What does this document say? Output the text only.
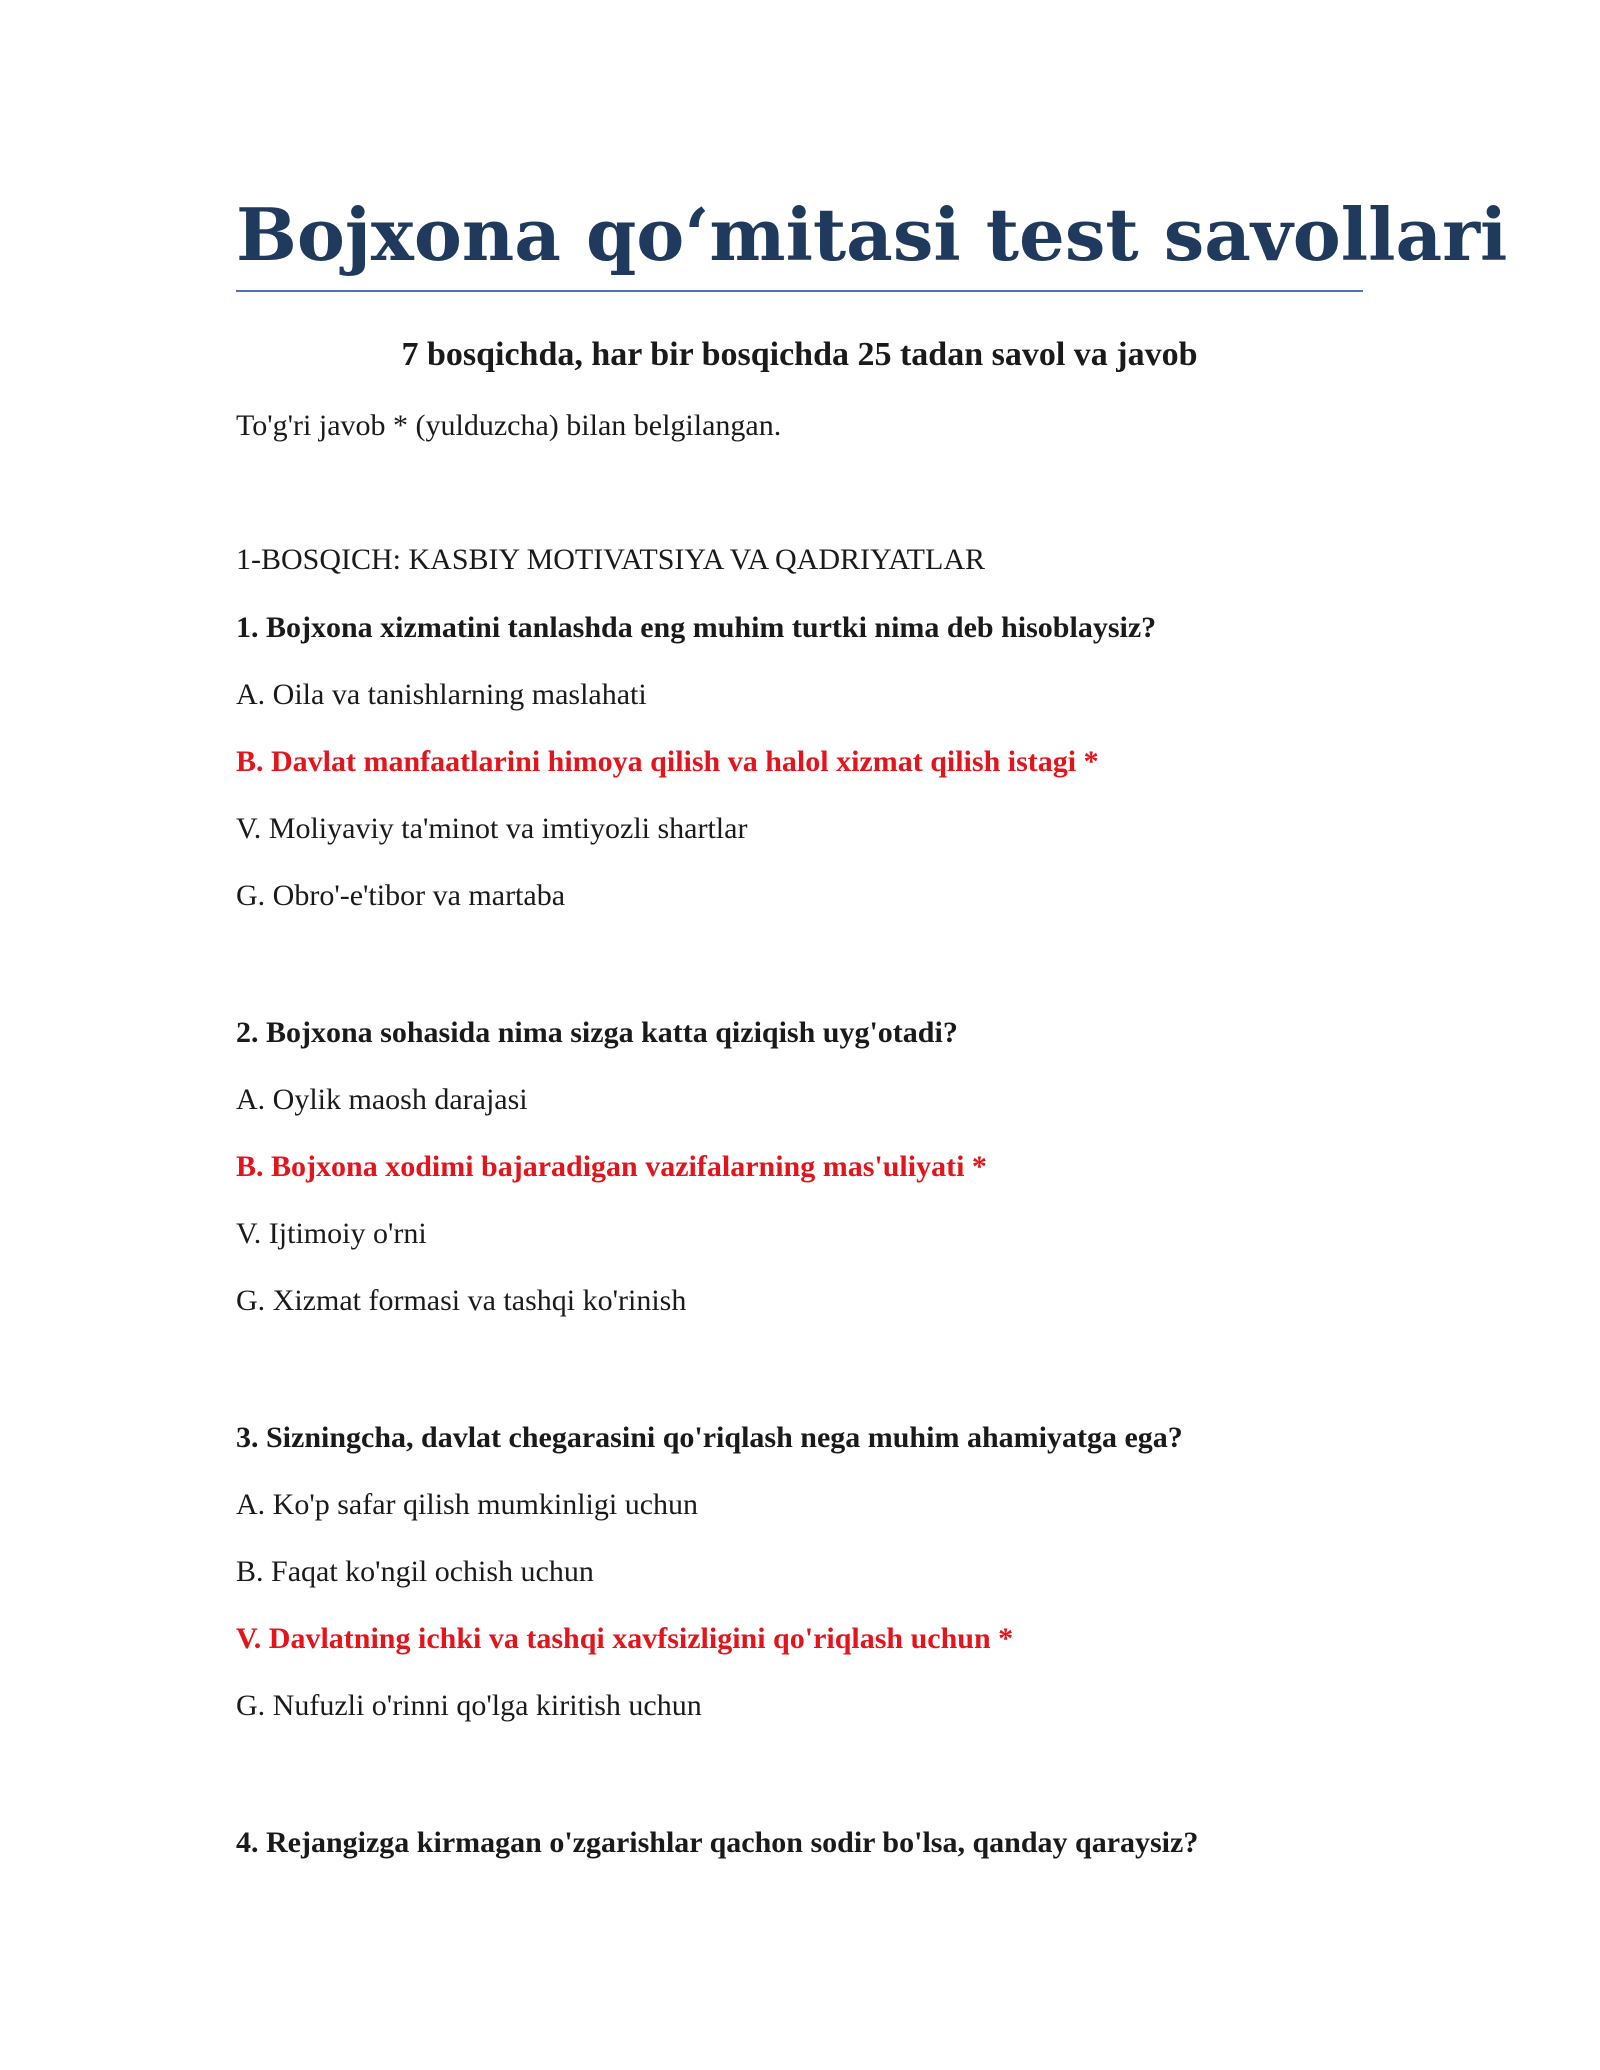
Bojxona qo‘mitasi test savollari
7 bosqichda, har bir bosqichda 25 tadan savol va javob

To'g'ri javob * (yulduzcha) bilan belgilangan.

1-BOSQICH: KASBIY MOTIVATSIYA VA QADRIYATLAR

1. Bojxona xizmatini tanlashda eng muhim turtki nima deb hisoblaysiz?

A. Oila va tanishlarning maslahati

B. Davlat manfaatlarini himoya qilish va halol xizmat qilish istagi *

V. Moliyaviy ta'minot va imtiyozli shartlar

G. Obro'-e'tibor va martaba

2. Bojxona sohasida nima sizga katta qiziqish uyg'otadi?

A. Oylik maosh darajasi

B. Bojxona xodimi bajaradigan vazifalarning mas'uliyati *

V. Ijtimoiy o'rni

G. Xizmat formasi va tashqi ko'rinish

3. Sizningcha, davlat chegarasini qo'riqlash nega muhim ahamiyatga ega?

A. Ko'p safar qilish mumkinligi uchun

B. Faqat ko'ngil ochish uchun

V. Davlatning ichki va tashqi xavfsizligini qo'riqlash uchun *

G. Nufuzli o'rinni qo'lga kiritish uchun

4. Rejangizga kirmagan o'zgarishlar qachon sodir bo'lsa, qanday qaraysiz?
